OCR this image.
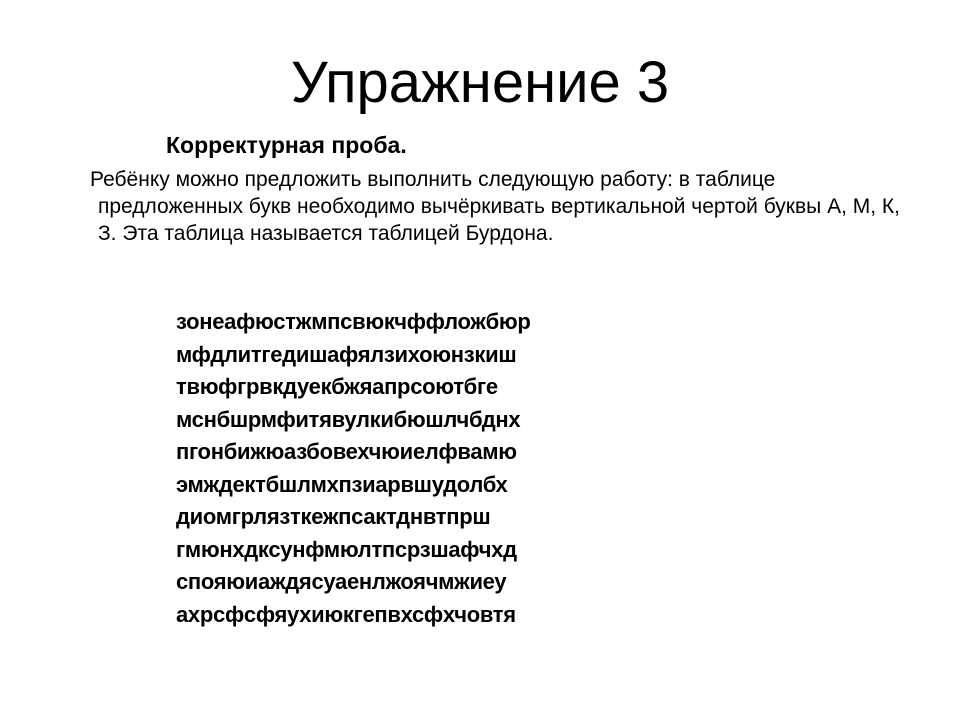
Упражнение 3
Корректурная проба.

Ребёнку можно предложить выполнить следующую работу: в таблице предложенных букв необходимо вычёркивать вертикальной чертой буквы А, М, К, З. Эта таблица называется таблицей Бурдона.

зонеафюстжмпсвюкчффложбюр
мфдлитгедишафялзихоюнзкиш
твюфгрвкдуекбжяапрсоютбге
мснбшрмфитявулкибюшлчбднх
пгонбижюазбовехчюиелфвамю
эмждектбшлмхпзиарвшудолбх
диомгрлязткежпсактднвтпрш
гмюнхдксунфмюлтпсрзшафчхд
спояюиаждясуаенлжоячмжиеу
ахрсфсфяухиюкгепвхсфхчовтя
